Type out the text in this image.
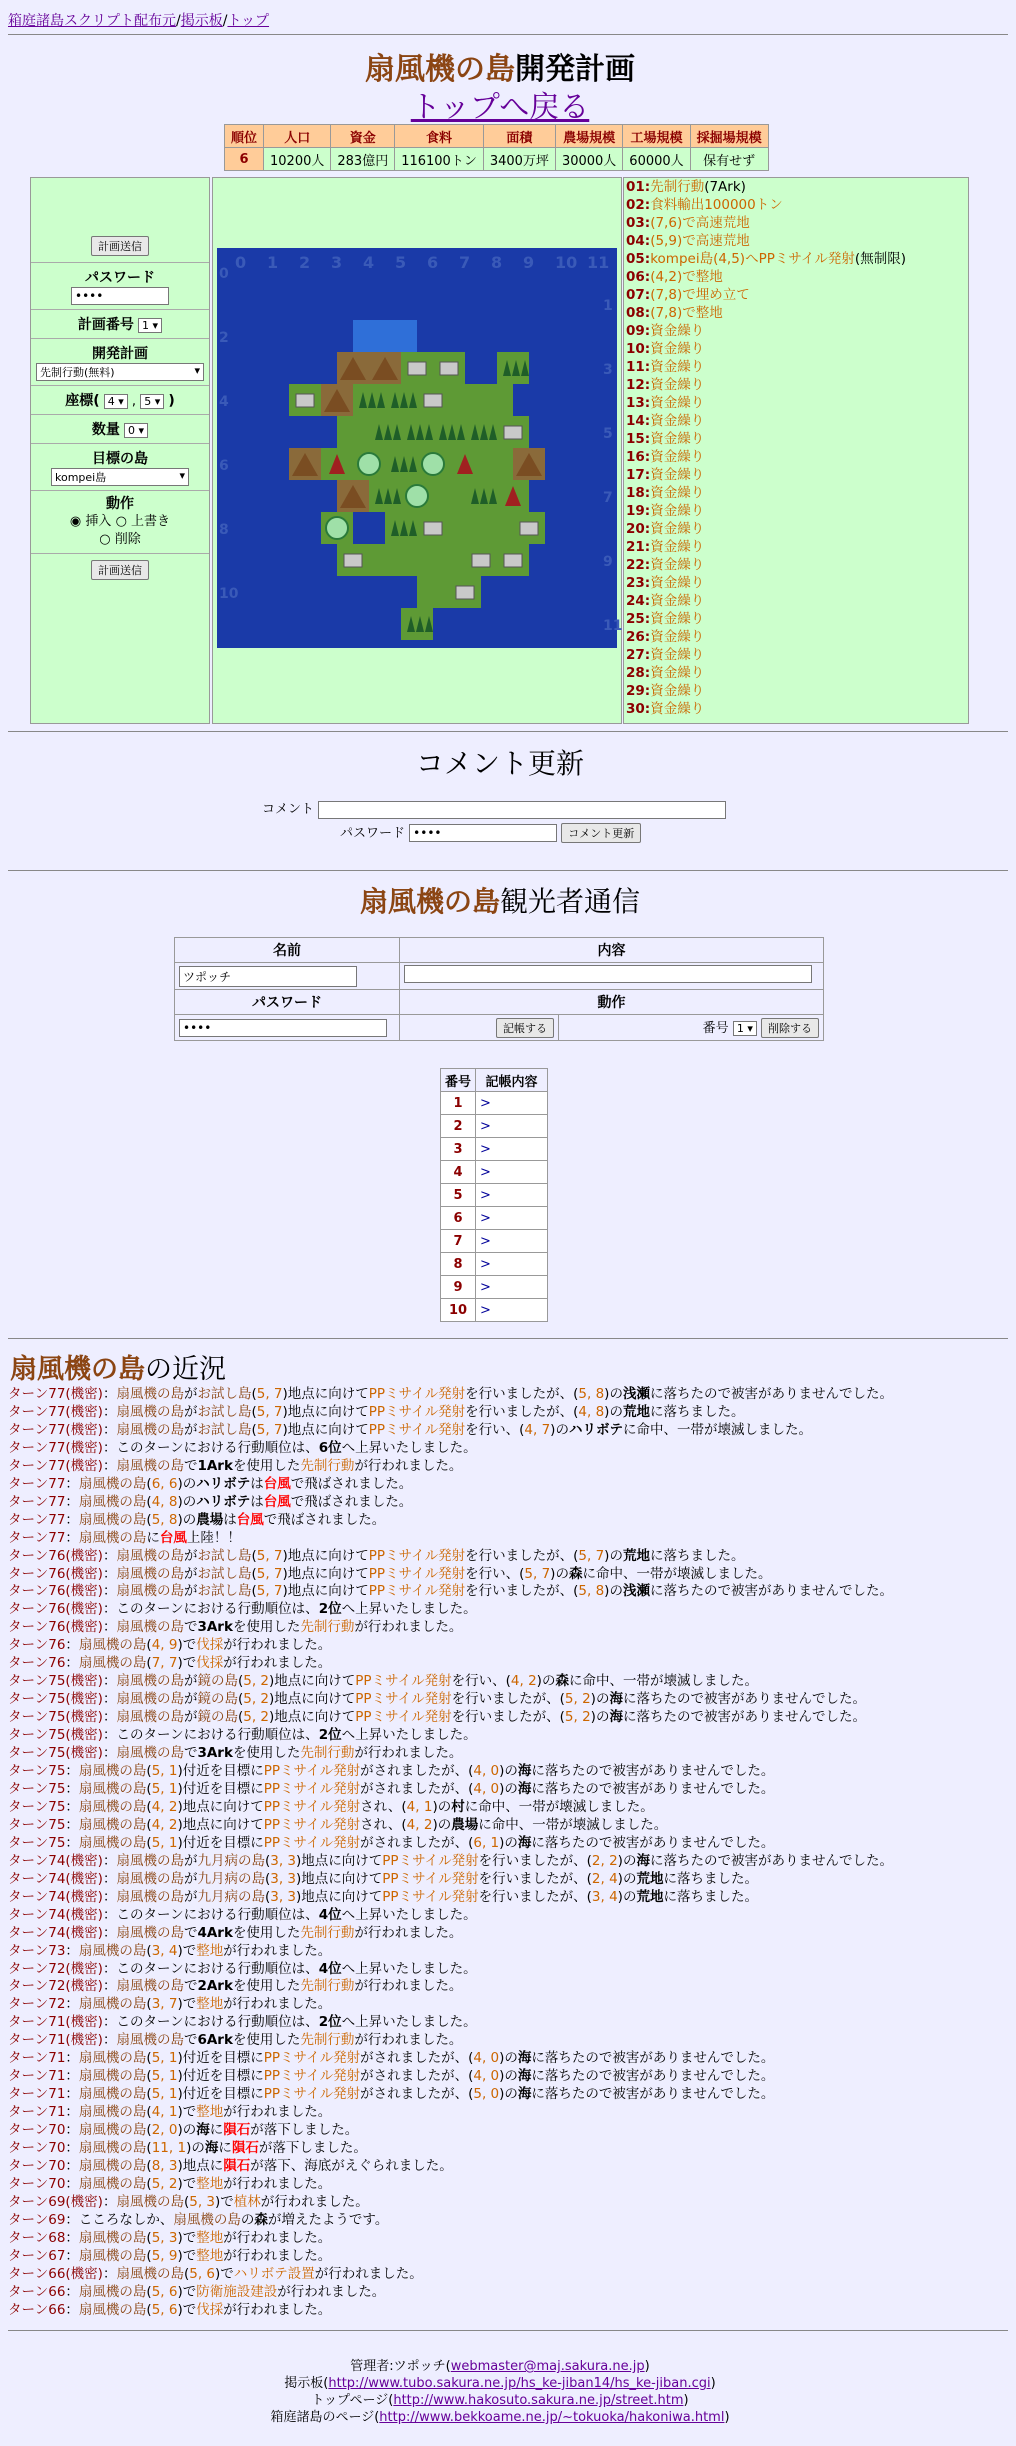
箱庭諸島スクリプト配布元/掲示板/トップ
扇風機の島開発計画
トップへ戻る
順位	人口	資金	食料	面積	農場規模	工場規模	採掘場規模
6	10200人	283億円	116100トン	3400万坪	30000人	60000人	保有せず
計画送信
パスワード
••••
計画番号 1 ▾
開発計画
先制行動(無料)	▾
座標( 4 ▾ , 5 ▾ )
数量 0 ▾
目標の島
kompei島	▾
動作
◉ 挿入 ○ 上書き
○ 削除
計画送信
0 1 2 3 4 5 6 7 8 9 10 11
0
2
4
6
8
10
1
3
5
7
9
11
01:先制行動(7Ark)
02:食料輸出100000トン
03:(7,6)で高速荒地
04:(5,9)で高速荒地
05:kompei島(4,5)へPPミサイル発射(無制限)
06:(4,2)で整地
07:(7,8)で埋め立て
08:(7,8)で整地
09:資金繰り
10:資金繰り
11:資金繰り
12:資金繰り
13:資金繰り
14:資金繰り
15:資金繰り
16:資金繰り
17:資金繰り
18:資金繰り
19:資金繰り
20:資金繰り
21:資金繰り
22:資金繰り
23:資金繰り
24:資金繰り
25:資金繰り
26:資金繰り
27:資金繰り
28:資金繰り
29:資金繰り
30:資金繰り
コメント更新
コメント
パスワード ••••	コメント更新
扇風機の島観光者通信
名前	内容	
ツポッチ		
パスワード	動作	
••••	記帳する	番号 1 ▾ 削除する
番号	記帳内容
1	>
2	>
3	>
4	>
5	>
6	>
7	>
8	>
9	>
10	>
扇風機の島の近況
ターン77(機密)：扇風機の島がお試し島(5, 7)地点に向けてPPミサイル発射を行いましたが、(5, 8)の浅瀬に落ちたので被害がありませんでした。
ターン77(機密)：扇風機の島がお試し島(5, 7)地点に向けてPPミサイル発射を行いましたが、(4, 8)の荒地に落ちました。
ターン77(機密)：扇風機の島がお試し島(5, 7)地点に向けてPPミサイル発射を行い、(4, 7)のハリボテに命中、一帯が壊滅しました。
ターン77(機密)：このターンにおける行動順位は、6位へ上昇いたしました。
ターン77(機密)：扇風機の島で1Arkを使用した先制行動が行われました。
ターン77：扇風機の島(6, 6)のハリボテは台風で飛ばされました。
ターン77：扇風機の島(4, 8)のハリボテは台風で飛ばされました。
ターン77：扇風機の島(5, 8)の農場は台風で飛ばされました。
ターン77：扇風機の島に台風上陸！！
ターン76(機密)：扇風機の島がお試し島(5, 7)地点に向けてPPミサイル発射を行いましたが、(5, 7)の荒地に落ちました。
ターン76(機密)：扇風機の島がお試し島(5, 7)地点に向けてPPミサイル発射を行い、(5, 7)の森に命中、一帯が壊滅しました。
ターン76(機密)：扇風機の島がお試し島(5, 7)地点に向けてPPミサイル発射を行いましたが、(5, 8)の浅瀬に落ちたので被害がありませんでした。
ターン76(機密)：このターンにおける行動順位は、2位へ上昇いたしました。
ターン76(機密)：扇風機の島で3Arkを使用した先制行動が行われました。
ターン76：扇風機の島(4, 9)で伐採が行われました。
ターン76：扇風機の島(7, 7)で伐採が行われました。
ターン75(機密)：扇風機の島が鏡の島(5, 2)地点に向けてPPミサイル発射を行い、(4, 2)の森に命中、一帯が壊滅しました。
ターン75(機密)：扇風機の島が鏡の島(5, 2)地点に向けてPPミサイル発射を行いましたが、(5, 2)の海に落ちたので被害がありませんでした。
ターン75(機密)：扇風機の島が鏡の島(5, 2)地点に向けてPPミサイル発射を行いましたが、(5, 2)の海に落ちたので被害がありませんでした。
ターン75(機密)：このターンにおける行動順位は、2位へ上昇いたしました。
ターン75(機密)：扇風機の島で3Arkを使用した先制行動が行われました。
ターン75：扇風機の島(5, 1)付近を目標にPPミサイル発射がされましたが、(4, 0)の海に落ちたので被害がありませんでした。
ターン75：扇風機の島(5, 1)付近を目標にPPミサイル発射がされましたが、(4, 0)の海に落ちたので被害がありませんでした。
ターン75：扇風機の島(4, 2)地点に向けてPPミサイル発射され、(4, 1)の村に命中、一帯が壊滅しました。
ターン75：扇風機の島(4, 2)地点に向けてPPミサイル発射され、(4, 2)の農場に命中、一帯が壊滅しました。
ターン75：扇風機の島(5, 1)付近を目標にPPミサイル発射がされましたが、(6, 1)の海に落ちたので被害がありませんでした。
ターン74(機密)：扇風機の島が九月病の島(3, 3)地点に向けてPPミサイル発射を行いましたが、(2, 2)の海に落ちたので被害がありませんでした。
ターン74(機密)：扇風機の島が九月病の島(3, 3)地点に向けてPPミサイル発射を行いましたが、(2, 4)の荒地に落ちました。
ターン74(機密)：扇風機の島が九月病の島(3, 3)地点に向けてPPミサイル発射を行いましたが、(3, 4)の荒地に落ちました。
ターン74(機密)：このターンにおける行動順位は、4位へ上昇いたしました。
ターン74(機密)：扇風機の島で4Arkを使用した先制行動が行われました。
ターン73：扇風機の島(3, 4)で整地が行われました。
ターン72(機密)：このターンにおける行動順位は、4位へ上昇いたしました。
ターン72(機密)：扇風機の島で2Arkを使用した先制行動が行われました。
ターン72：扇風機の島(3, 7)で整地が行われました。
ターン71(機密)：このターンにおける行動順位は、2位へ上昇いたしました。
ターン71(機密)：扇風機の島で6Arkを使用した先制行動が行われました。
ターン71：扇風機の島(5, 1)付近を目標にPPミサイル発射がされましたが、(4, 0)の海に落ちたので被害がありませんでした。
ターン71：扇風機の島(5, 1)付近を目標にPPミサイル発射がされましたが、(4, 0)の海に落ちたので被害がありませんでした。
ターン71：扇風機の島(5, 1)付近を目標にPPミサイル発射がされましたが、(5, 0)の海に落ちたので被害がありませんでした。
ターン71：扇風機の島(4, 1)で整地が行われました。
ターン70：扇風機の島(2, 0)の海に隕石が落下しました。
ターン70：扇風機の島(11, 1)の海に隕石が落下しました。
ターン70：扇風機の島(8, 3)地点に隕石が落下、海底がえぐられました。
ターン70：扇風機の島(5, 2)で整地が行われました。
ターン69(機密)：扇風機の島(5, 3)で植林が行われました。
ターン69：こころなしか、扇風機の島の森が増えたようです。
ターン68：扇風機の島(5, 3)で整地が行われました。
ターン67：扇風機の島(5, 9)で整地が行われました。
ターン66(機密)：扇風機の島(5, 6)でハリボテ設置が行われました。
ターン66：扇風機の島(5, 6)で防衛施設建設が行われました。
ターン66：扇風機の島(5, 6)で伐採が行われました。
管理者:ツポッチ(webmaster@maj.sakura.ne.jp)
掲示板(http://www.tubo.sakura.ne.jp/hs_ke-jiban14/hs_ke-jiban.cgi)
トップページ(http://www.hakosuto.sakura.ne.jp/street.htm)
箱庭諸島のページ(http://www.bekkoame.ne.jp/~tokuoka/hakoniwa.html)
